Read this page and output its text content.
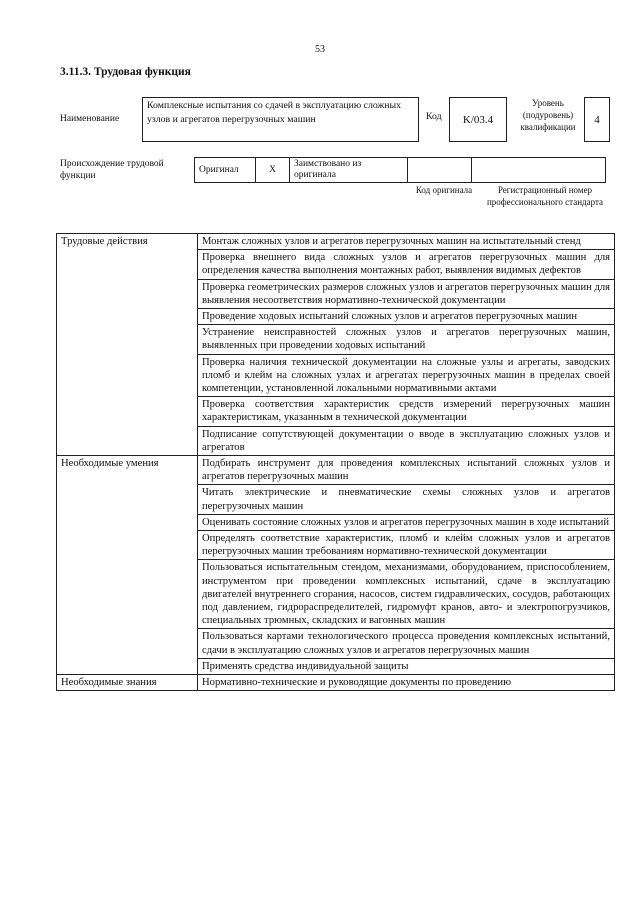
53
3.11.3. Трудовая функция
Наименование
Комплексные испытания со сдачей в эксплуатацию сложных узлов и агрегатов перегрузочных машин	Код	K/03.4
Уровень (подуровень) квалификации
4
Происхождение трудовой функции
Оригинал	X
Заимствовано из оригинала
Код оригинала	Регистрационный номер профессионального стандарта
Трудовые действия	Монтаж сложных узлов и агрегатов перегрузочных машин на испытательный стенд
	Проверка внешнего вида сложных узлов и агрегатов перегрузочных машин для определения качества выполнения монтажных работ, выявления видимых дефектов
	Проверка геометрических размеров сложных узлов и агрегатов перегрузочных машин для выявления несоответствия нормативно-технической документации
	Проведение ходовых испытаний сложных узлов и агрегатов перегрузочных машин
	Устранение неисправностей сложных узлов и агрегатов перегрузочных машин, выявленных при проведении ходовых испытаний
	Проверка наличия технической документации на сложные узлы и агрегаты, заводских пломб и клейм на сложных узлах и агрегатах перегрузочных машин в пределах своей компетенции, установленной локальными нормативными актами
	Проверка соответствия характеристик средств измерений перегрузочных машин характеристикам, указанным в технической документации
	Подписание сопутствующей документации о вводе в эксплуатацию сложных узлов и агрегатов
Необходимые умения	Подбирать инструмент для проведения комплексных испытаний сложных узлов и агрегатов перегрузочных машин
	Читать электрические и пневматические схемы сложных узлов и агрегатов перегрузочных машин
	Оценивать состояние сложных узлов и агрегатов перегрузочных машин в ходе испытаний
	Определять соответствие характеристик, пломб и клейм сложных узлов и агрегатов перегрузочных машин требованиям нормативно-технической документации
	Пользоваться испытательным стендом, механизмами, оборудованием, приспособлением, инструментом при проведении комплексных испытаний, сдаче в эксплуатацию двигателей внутреннего сгорания, насосов, систем гидравлических, сосудов, работающих под давлением, гидрораспределителей, гидромуфт кранов, авто- и электропогрузчиков, специальных трюмных, складских и вагонных машин
	Пользоваться картами технологического процесса проведения комплексных испытаний, сдачи в эксплуатацию сложных узлов и агрегатов перегрузочных машин
	Применять средства индивидуальной защиты
Необходимые знания	Нормативно-технические и руководящие документы по проведению
